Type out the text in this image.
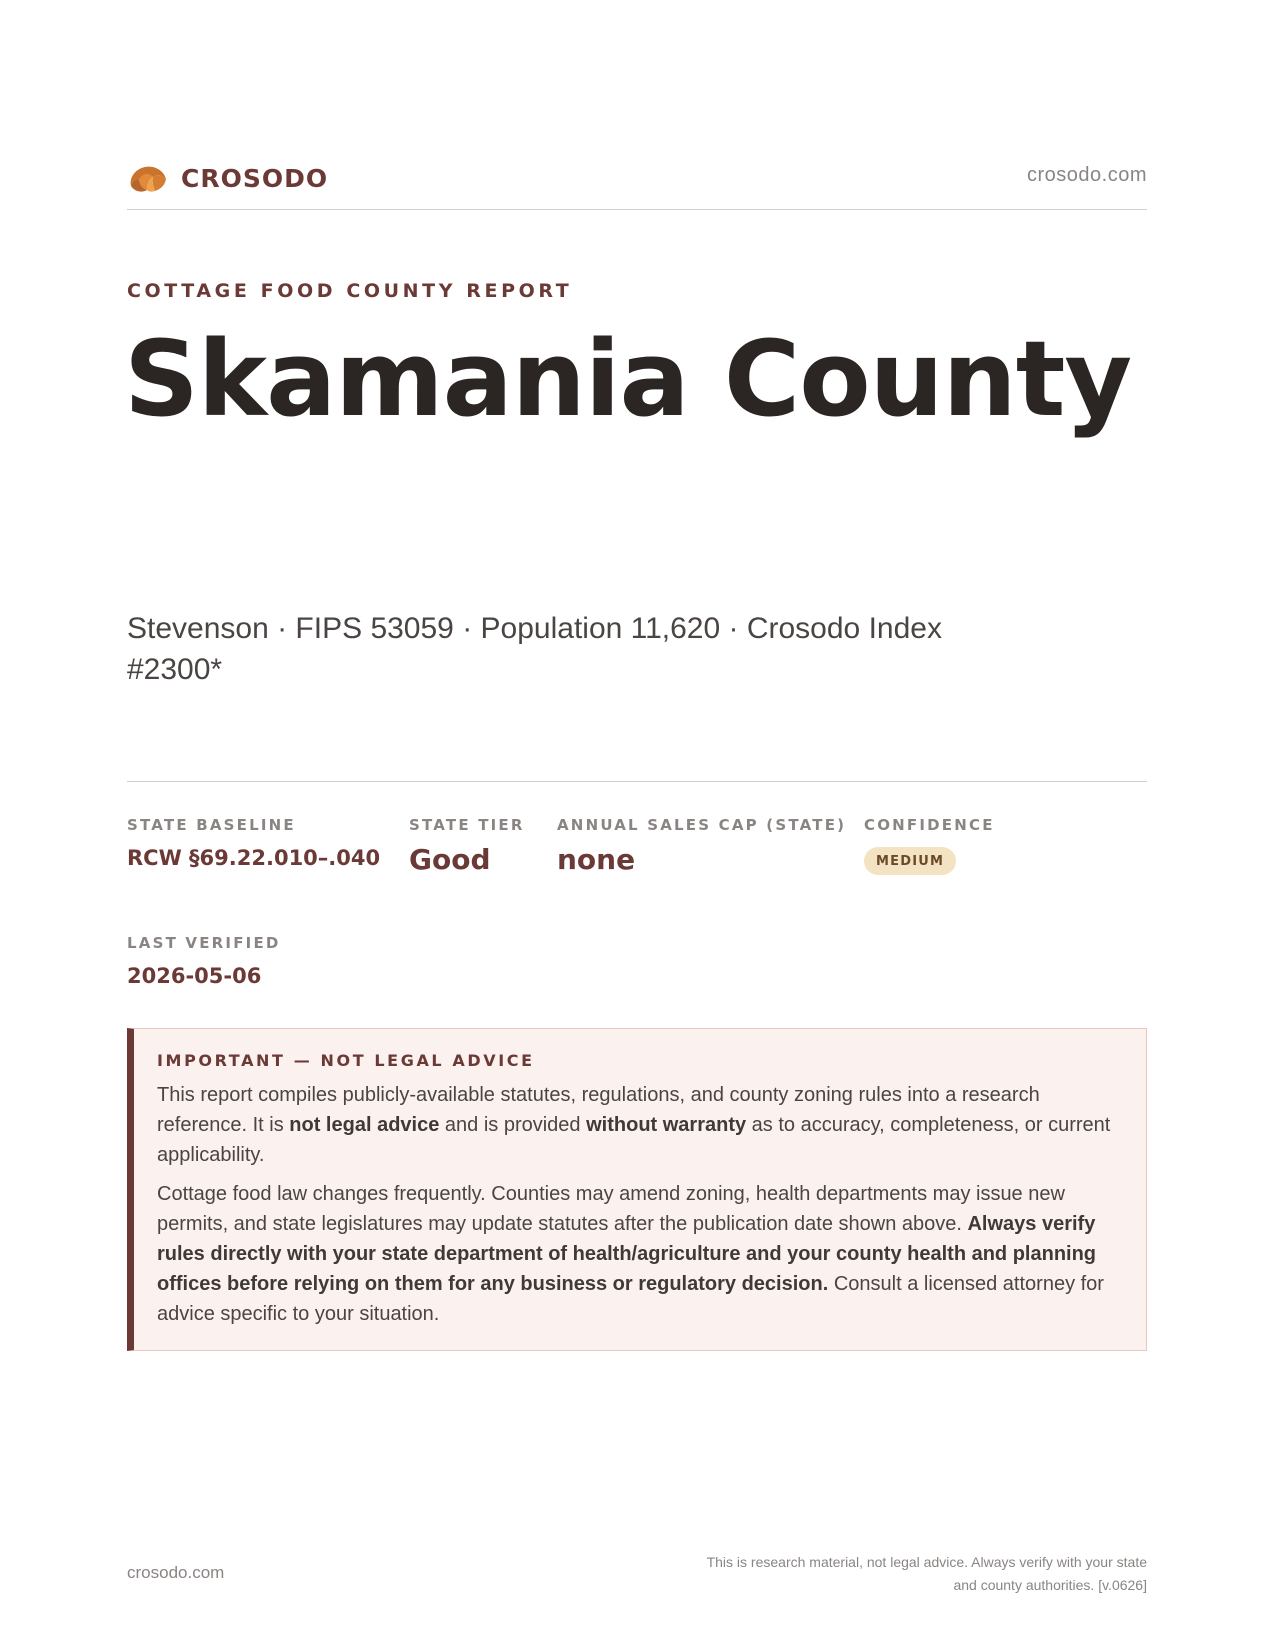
CROSODO	crosodo.com
COTTAGE FOOD COUNTY REPORT
Skamania County
Stevenson · FIPS 53059 · Population 11,620 · Crosodo Index #2300*
STATE BASELINE
RCW §69.22.010–.040
STATE TIER
Good
ANNUAL SALES CAP (STATE)
none
CONFIDENCE
MEDIUM
LAST VERIFIED
2026-05-06
IMPORTANT — NOT LEGAL ADVICE

This report compiles publicly-available statutes, regulations, and county zoning rules into a research reference. It is not legal advice and is provided without warranty as to accuracy, completeness, or current applicability.

Cottage food law changes frequently. Counties may amend zoning, health departments may issue new permits, and state legislatures may update statutes after the publication date shown above. Always verify rules directly with your state department of health/agriculture and your county health and planning offices before relying on them for any business or regulatory decision. Consult a licensed attorney for advice specific to your situation.

crosodo.com
This is research material, not legal advice. Always verify with your state
and county authorities. [v.0626]
